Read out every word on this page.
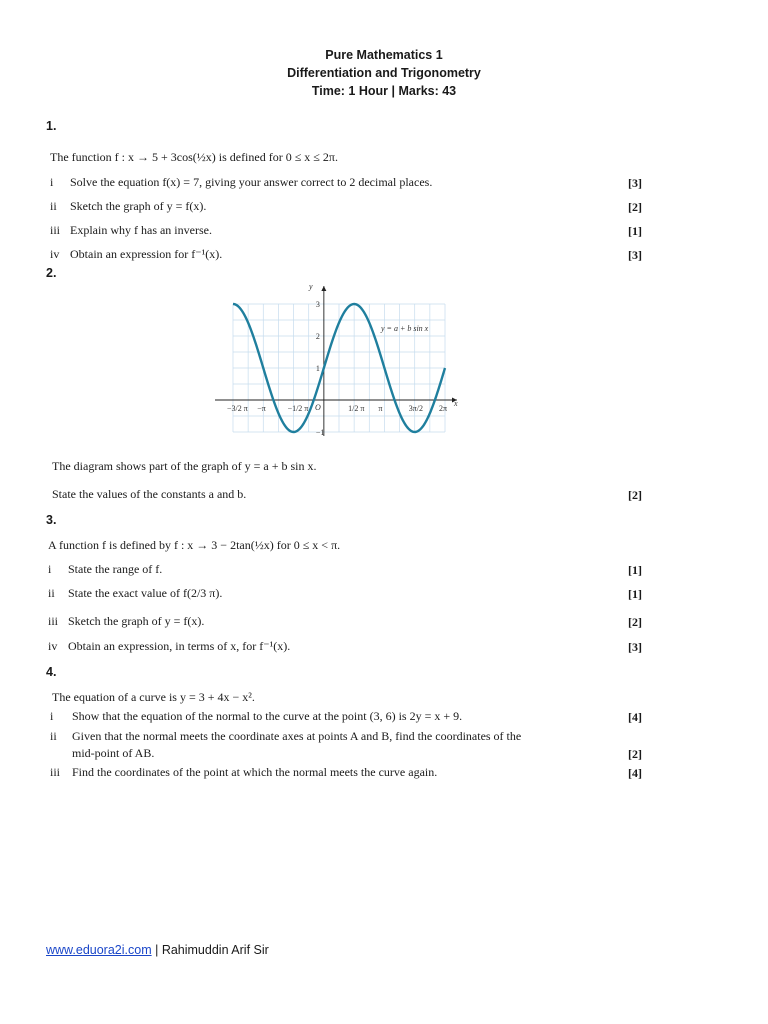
Pure Mathematics 1
Differentiation and Trigonometry
Time: 1 Hour | Marks: 43
1.
The function f : x → 5 + 3cos(½x) is defined for 0 ≤ x ≤ 2π.
i Solve the equation f(x) = 7, giving your answer correct to 2 decimal places.	[3]
ii Sketch the graph of y = f(x).	[2]
iii Explain why f has an inverse.	[1]
iv Obtain an expression for f⁻¹(x).	[3]
2.
−3/2 π −π	−1/2 π	1/2 π π	3π/2 2π
3
2
1
−1
y = a + b sin x
y
x
O
The diagram shows part of the graph of y = a + b sin x.
State the values of the constants a and b.	[2]
3.
A function f is defined by f : x → 3 − 2tan(½x) for 0 ≤ x < π.
i State the range of f.	[1]
ii State the exact value of f(2/3 π).	[1]
iii Sketch the graph of y = f(x).	[2]
iv Obtain an expression, in terms of x, for f⁻¹(x).	[3]
4.
The equation of a curve is y = 3 + 4x − x².
i Show that the equation of the normal to the curve at the point (3, 6) is 2y = x + 9.	[4]
ii Given that the normal meets the coordinate axes at points A and B, find the coordinates of the
mid-point of AB.	[2]
iii Find the coordinates of the point at which the normal meets the curve again.	[4]
www.eduora2i.com | Rahimuddin Arif Sir
